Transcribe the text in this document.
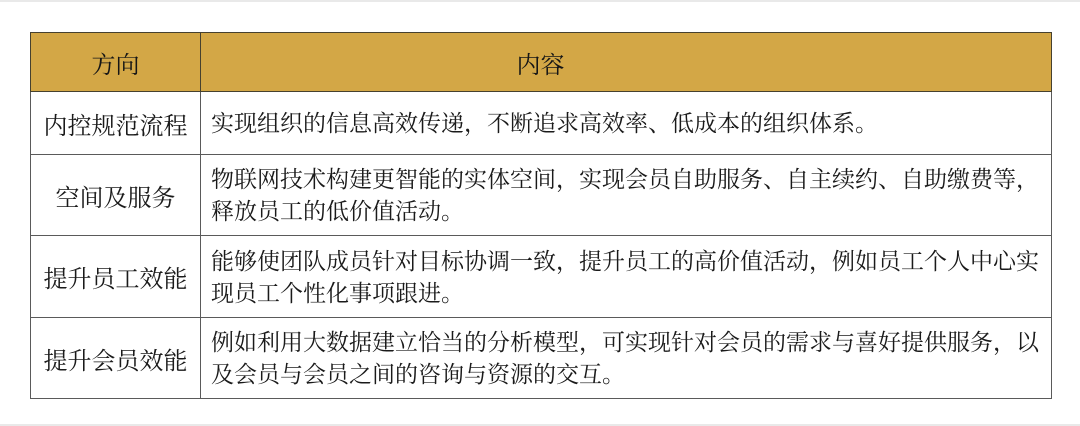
方向	内容
内控规范流程	实现组织的信息高效传递，不断追求高效率、低成本的组织体系。
空间及服务	物联网技术构建更智能的实体空间，实现会员自助服务、自主续约、自助缴费等，释放员工的低价值活动。
提升员工效能	能够使团队成员针对目标协调一致，提升员工的高价值活动，例如员工个人中心实现员工个性化事项跟进。
提升会员效能	例如利用大数据建立恰当的分析模型，可实现针对会员的需求与喜好提供服务，以及会员与会员之间的咨询与资源的交互。
